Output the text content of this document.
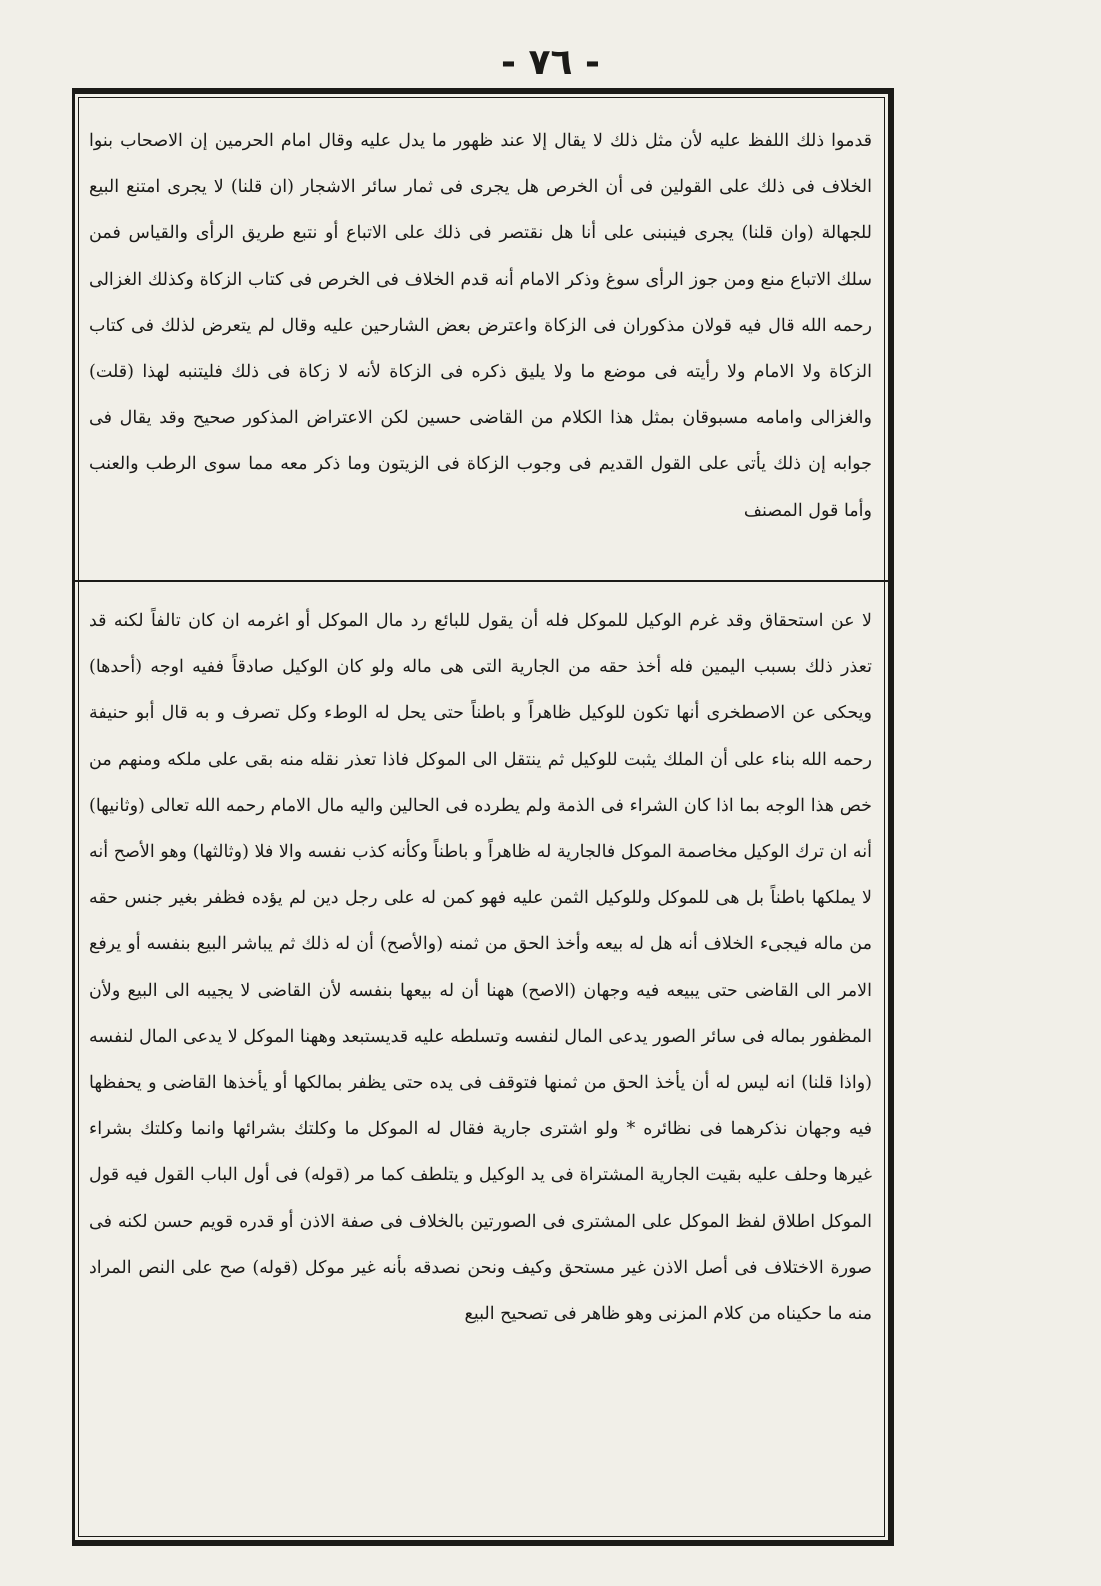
- ٧٦ -

قدموا ذلك اللفظ عليه لأن مثل ذلك لا يقال إلا عند ظهور ما يدل عليه وقال امام الحرمين إن الاصحاب بنوا الخلاف فى ذلك على القولين فى أن الخرص هل يجرى فى ثمار سائر الاشجار (ان قلنا) لا يجرى امتنع البيع للجهالة (وان قلنا) يجرى فينبنى على أنا هل نقتصر فى ذلك على الاتباع أو نتبع طريق الرأى والقياس فمن سلك الاتباع منع ومن جوز الرأى سوغ وذكر الامام أنه قدم الخلاف فى الخرص فى كتاب الزكاة وكذلك الغزالى رحمه الله قال فيه قولان مذكوران فى الزكاة واعترض بعض الشارحين عليه وقال لم يتعرض لذلك فى كتاب الزكاة ولا الامام ولا رأيته فى موضع ما ولا يليق ذكره فى الزكاة لأنه لا زكاة فى ذلك فليتنبه لهذا (قلت) والغزالى وامامه مسبوقان بمثل هذا الكلام من القاضى حسين لكن الاعتراض المذكور صحيح وقد يقال فى جوابه إن ذلك يأتى على القول القديم فى وجوب الزكاة فى الزيتون وما ذكر معه مما سوى الرطب والعنب وأما قول المصنف

لا عن استحقاق وقد غرم الوكيل للموكل فله أن يقول للبائع رد مال الموكل أو اغرمه ان كان تالفاً لكنه قد تعذر ذلك بسبب اليمين فله أخذ حقه من الجارية التى هى ماله ولو كان الوكيل صادقاً ففيه اوجه (أحدها) ويحكى عن الاصطخرى أنها تكون للوكيل ظاهراً و باطناً حتى يحل له الوطء وكل تصرف و به قال أبو حنيفة رحمه الله بناء على أن الملك يثبت للوكيل ثم ينتقل الى الموكل فاذا تعذر نقله منه بقى على ملكه ومنهم من خص هذا الوجه بما اذا كان الشراء فى الذمة ولم يطرده فى الحالين واليه مال الامام رحمه الله تعالى (وثانيها) أنه ان ترك الوكيل مخاصمة الموكل فالجارية له ظاهراً و باطناً وكأنه كذب نفسه والا فلا (وثالثها) وهو الأصح أنه لا يملكها باطناً بل هى للموكل وللوكيل الثمن عليه فهو كمن له على رجل دين لم يؤده فظفر بغير جنس حقه من ماله فيجىء الخلاف أنه هل له بيعه وأخذ الحق من ثمنه (والأصح) أن له ذلك ثم يباشر البيع بنفسه أو يرفع الامر الى القاضى حتى يبيعه فيه وجهان (الاصح) ههنا أن له بيعها بنفسه لأن القاضى لا يجيبه الى البيع ولأن المظفور بماله فى سائر الصور يدعى المال لنفسه وتسلطه عليه قديستبعد وههنا الموكل لا يدعى المال لنفسه (واذا قلنا) انه ليس له أن يأخذ الحق من ثمنها فتوقف فى يده حتى يظفر بمالكها أو يأخذها القاضى و يحفظها فيه وجهان نذكرهما فى نظائره * ولو اشترى جارية فقال له الموكل ما وكلتك بشرائها وانما وكلتك بشراء غيرها وحلف عليه بقيت الجارية المشتراة فى يد الوكيل و يتلطف كما مر (قوله) فى أول الباب القول فيه قول الموكل اطلاق لفظ الموكل على المشترى فى الصورتين بالخلاف فى صفة الاذن أو قدره قويم حسن لكنه فى صورة الاختلاف فى أصل الاذن غير مستحق وكيف ونحن نصدقه بأنه غير موكل (قوله) صح على النص المراد منه ما حكيناه من كلام المزنى وهو ظاهر فى تصحيح البيع
